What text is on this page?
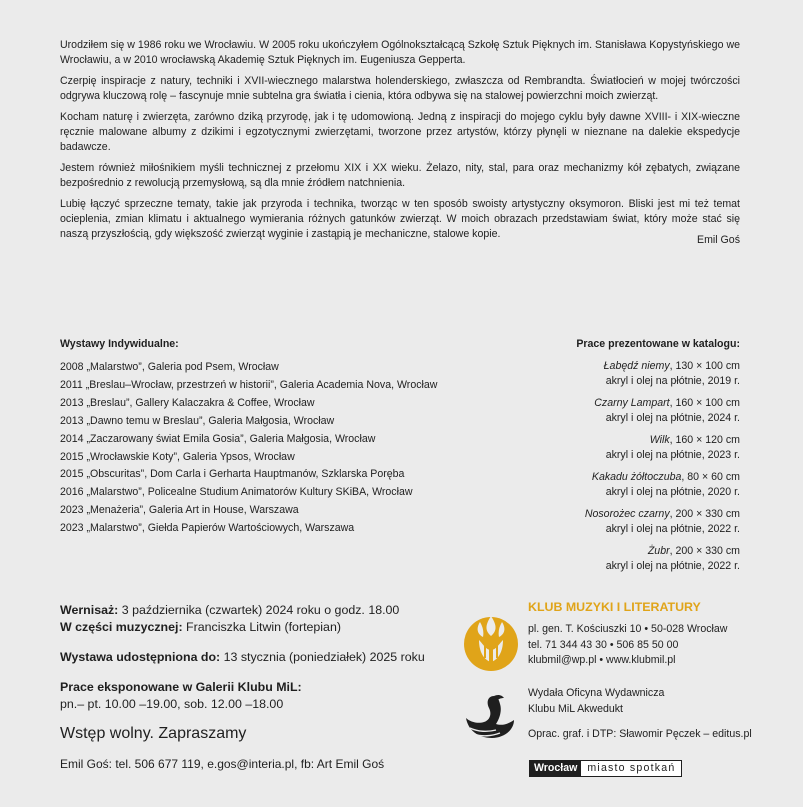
Urodziłem się w 1986 roku we Wrocławiu. W 2005 roku ukończyłem Ogólnokształcącą Szkołę Sztuk Pięknych im. Stanisława Kopystyńskiego we Wrocławiu, a w 2010 wrocławską Akademię Sztuk Pięknych im. Eugeniusza Gepperta.

Czerpię inspiracje z natury, techniki i XVII-wiecznego malarstwa holenderskiego, zwłaszcza od Rembrandta. Światłocień w mojej twórczości odgrywa kluczową rolę – fascynuje mnie subtelna gra światła i cienia, która odbywa się na stalowej powierzchni moich zwierząt.

Kocham naturę i zwierzęta, zarówno dziką przyrodę, jak i tę udomowioną. Jedną z inspiracji do mojego cyklu były dawne XVIII- i XIX-wieczne ręcznie malowane albumy z dzikimi i egzotycznymi zwierzętami, tworzone przez artystów, którzy płynęli w nieznane na dalekie ekspedycje badawcze.

Jestem również miłośnikiem myśli technicznej z przełomu XIX i XX wieku. Żelazo, nity, stal, para oraz mechanizmy kół zębatych, związane bezpośrednio z rewolucją przemysłową, są dla mnie źródłem natchnienia.

Lubię łączyć sprzeczne tematy, takie jak przyroda i technika, tworząc w ten sposób swoisty artystyczny oksymoron. Bliski jest mi też temat ocieplenia, zmian klimatu i aktualnego wymierania różnych gatunków zwierząt. W moich obrazach przedstawiam świat, który może stać się naszą przyszłością, gdy większość zwierząt wyginie i zastąpią je mechaniczne, stalowe kopie.	Emil Goś
Wystawy Indywidualne:
2008 „Malarstwo”, Galeria pod Psem, Wrocław
2011 „Breslau–Wrocław, przestrzeń w historii”, Galeria Academia Nova, Wrocław
2013 „Breslau”, Gallery Kalaczakra & Coffee, Wrocław
2013 „Dawno temu w Breslau”, Galeria Małgosia, Wrocław
2014 „Zaczarowany świat Emila Gosia”, Galeria Małgosia, Wrocław
2015 „Wrocławskie Koty”, Galeria Ypsos, Wrocław
2015 „Obscuritas”, Dom Carla i Gerharta Hauptmanów, Szklarska Poręba
2016 „Malarstwo”, Policealne Studium Animatorów Kultury SKiBA, Wrocław
2023 „Menażeria”, Galeria Art in House, Warszawa
2023 „Malarstwo”, Giełda Papierów Wartościowych, Warszawa
Prace prezentowane w katalogu:
Łabędź niemy, 130 × 100 cm
akryl i olej na płótnie, 2019 r.
Czarny Lampart, 160 × 100 cm
akryl i olej na płótnie, 2024 r.
Wilk, 160 × 120 cm
akryl i olej na płótnie, 2023 r.
Kakadu żółtoczuba, 80 × 60 cm
akryl i olej na płótnie, 2020 r.
Nosorożec czarny, 200 × 330 cm
akryl i olej na płótnie, 2022 r.
Żubr, 200 × 330 cm
akryl i olej na płótnie, 2022 r.
Wernisaż: 3 października (czwartek) 2024 roku o godz. 18.00
W części muzycznej: Franciszka Litwin (fortepian)
Wystawa udostępniona do: 13 stycznia (poniedziałek) 2025 roku
Prace eksponowane w Galerii Klubu MiL:
pn.– pt. 10.00 –19.00, sob. 12.00 –18.00
Wstęp wolny. Zapraszamy
Emil Goś: tel. 506 677 119, e.gos@interia.pl, fb: Art Emil Goś
KLUB MUZYKI I LITERATURY
pl. gen. T. Kościuszki 10 • 50-028 Wrocław
tel. 71 344 43 30 • 506 85 50 00
klubmil@wp.pl • www.klubmil.pl
Wydała Oficyna Wydawnicza
Klubu MiL Akwedukt
Oprac. graf. i DTP: Sławomir Pęczek – editus.pl
Wrocław miasto spotkań
